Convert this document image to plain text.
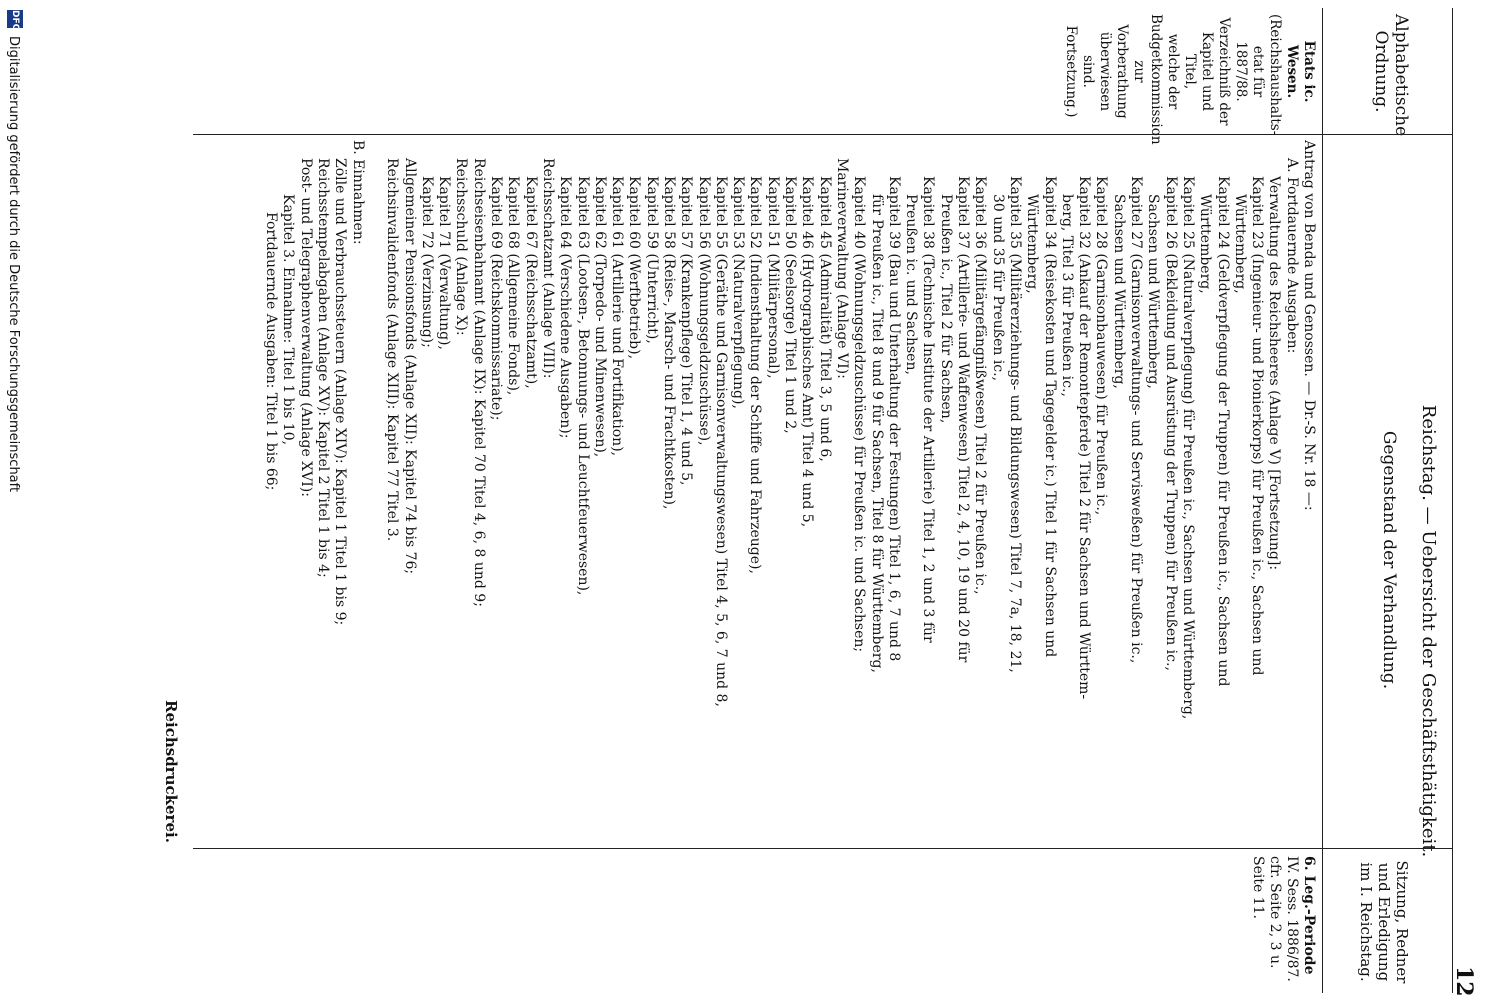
12
Reichstag. — Uebersicht der Geschäftsthätigkeit.
Alphabetische Ordnung.
Gegenstand der Verhandlung.
Sitzung, Redner und Erledigung im I. Reichstag.
Etats ic. Wesen.
(Reichshaushalts-
etat für 1887/88.
Verzeichniß der
Kapitel und Titel,
welche der
Budgetkommission
zur Vorberathung
überwiesen sind.
Fortsetzung.)
Antrag von Benda und Genossen. — Dr.-S. Nr. 18 —:
A. Fortdauernde Ausgaben:
Verwaltung des Reichsheeres (Anlage V) [Fortsetzung]:
Kapitel 23 (Ingenieur- und Pionierkorps) für Preußen ic., Sachsen und
Württemberg,
Kapitel 24 (Geldverpflegung der Truppen) für Preußen ic., Sachsen und
Württemberg,
Kapitel 25 (Naturalverpflegung) für Preußen ic., Sachsen und Württemberg,
Kapitel 26 (Bekleidung und Ausrüstung der Truppen) für Preußen ic.,
Sachsen und Württemberg,
Kapitel 27 (Garnisonverwaltungs- und Servisweßen) für Preußen ic.,
Sachsen und Württemberg,
Kapitel 28 (Garnisonbauwesen) für Preußen ic.,
Kapitel 32 (Ankauf der Remontepferde) Titel 2 für Sachsen und Württem-
berg, Titel 3 für Preußen ic.,
Kapitel 34 (Reisekosten und Tagegelder ic.) Titel 1 für Sachsen und
Württemberg,
Kapitel 35 (Militärerziehungs- und Bildungswesen) Titel 7, 7a, 18, 21,
30 und 35 für Preußen ic.,
Kapitel 36 (Militärgefängnißwesen) Titel 2 für Preußen ic.,
Kapitel 37 (Artillerie- und Waffenwesen) Titel 2, 4, 10, 19 und 20 für
Preußen ic., Titel 2 für Sachsen,
Kapitel 38 (Technische Institute der Artillerie) Titel 1, 2 und 3 für
Preußen ic. und Sachsen,
Kapitel 39 (Bau und Unterhaltung der Festungen) Titel 1, 6, 7 und 8
für Preußen ic., Titel 8 und 9 für Sachsen, Titel 8 für Württemberg,
Kapitel 40 (Wohnungsgeldzuschüsse) für Preußen ic. und Sachsen;
Marineverwaltung (Anlage VI):
Kapitel 45 (Admiralität) Titel 3, 5 und 6,
Kapitel 46 (Hydrographisches Amt) Titel 4 und 5,
Kapitel 50 (Seelsorge) Titel 1 und 2,
Kapitel 51 (Militärpersonal),
Kapitel 52 (Indiensthaltung der Schiffe und Fahrzeuge),
Kapitel 53 (Naturalverpflegung),
Kapitel 55 (Geräthe und Garnisonverwaltungswesen) Titel 4, 5, 6, 7 und 8,
Kapitel 56 (Wohnungsgeldzuschüsse),
Kapitel 57 (Krankenpflege) Titel 1, 4 und 5,
Kapitel 58 (Reise-, Marsch- und Frachtkosten),
Kapitel 59 (Unterricht),
Kapitel 60 (Werftbetrieb),
Kapitel 61 (Artillerie und Fortifikation),
Kapitel 62 (Torpedo- und Minenwesen),
Kapitel 63 (Lootsen-, Betonnungs- und Leuchtfeuerwesen),
Kapitel 64 (Verschiedene Ausgaben);
Reichsschatzamt (Anlage VIII):
Kapitel 67 (Reichsschatzamt),
Kapitel 68 (Allgemeine Fonds),
Kapitel 69 (Reichskommissariate);
Reichseisenbahnamt (Anlage IX): Kapitel 70 Titel 4, 6, 8 und 9;
Reichsschuld (Anlage X):
Kapitel 71 (Verwaltung),
Kapitel 72 (Verzinsung);
Allgemeiner Pensionsfonds (Anlage XII): Kapitel 74 bis 76;
Reichsinvalidenfonds (Anlage XIII): Kapitel 77 Titel 3.

B. Einnahmen:
Zölle und Verbrauchssteuern (Anlage XIV): Kapitel 1 Titel 1 bis 9;
Reichsstempelabgaben (Anlage XV): Kapitel 2 Titel 1 bis 4;
Post- und Telegraphenverwaltung (Anlage XVI):
Kapitel 3. Einnahme: Titel 1 bis 10,
Fortdauernde Ausgaben: Titel 1 bis 66;
6. Leg.-Periode
IV. Sess. 1886/87.
cfr. Seite 2, 3 u.
Seite 11.
Reichsdruckerei.
DFG
Digitalisierung gefördert durch die Deutsche Forschungsgemeinschaft
